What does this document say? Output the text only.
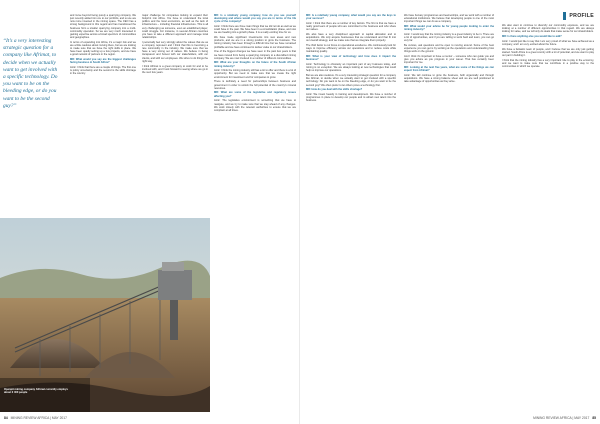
“It’s a very interesting strategic question for a company like Afrimat, to decide when we actually want to get involved with a specific technology. Do you want to be on the bleeding edge, or do you want to be the second guy?”

and move beyond being purely a quarrying company. We just recently added iron ore to our portfolio, and so we are now more invested in the mining space. The CEO has a strong background in this regard and has transitioned the business from a smaller quarrying company into a multi-commodity operation. So we are very much interested in gaining expertise across a broad spectrum of commodities and geographies.

In terms of expanding into Africa, it’s a major risk and we are a little cautious about moving there, but we are looking to make sure that we have the right skills in place. We have been quietly setting up a few projects, and we have a good network of partners in the region.

MR: What would you say are the biggest challenges facing business in South Africa?

Antic: I think that there are a couple of things. The first one is policy uncertainty and the second is the skills shortage in the country.

major challenge for companies looking to expand their footprint into Africa. You have to understand the local politics and the local economics, as well as the lack of infrastructure – including financial infrastructure. This is all very challenging as someone, even an established player, could struggle. For instance, in several African countries you have to take a different approach and manage local relationships.

I personally feel very strongly about the values that we as a company represent and I think that this is becoming a rare commodity in the industry. We make sure that we have a very strong set of values. We believe in being transparent and honest with our stakeholders, with our clients, and with our employees. We strive to do things the right way.

I think Afrimat is a great company to work for and to be involved with, and I look forward to seeing where we go in the next few years.

MR: Is a relatively young company, how do you see yourself developing and where would you say you are in terms of the life cycle of the company?

Antic: I think there are three main things that we did not do as well as we could have in the past. We have been in a consolidation phase, and now we are heading into a growth phase. It is a really exciting time for us.

We have made significant investments into new areas and new products, and we are in a strong position to grow the business. The mining industry has been through a difficult time but we have remained profitable and we have continued to deliver value to our shareholders.

One of the biggest changes we have seen in the past few years is that we have moved from being a quarrying company to a diversified mining company. We are now involved in a number of different commodities.

MR: What are your thoughts on the future of the South African mining industry?

Antic: I think the mining industry still has a lot to offer and there is a lot of opportunity. But we need to make sure that we create the right environment for investment and for companies to grow.

There is definitely a need for partnerships between business and government in order to unlock the full potential of the country’s mineral resources.

MR: What are some of the legislative and regulatory issues affecting you?

Antic: The legislative environment is something that we have to navigate, and we try to make sure that we stay ahead of any changes. We work closely with the relevant authorities to ensure that we are compliant at all times.

Openpit mining company Afrimat currently employs about 2 400 people
84 MINING REVIEW AFRICA | MAY 2017
PROFILE

MR: Is a relatively young company, what would you say are the keys to your success?

Antic: I think that there are a number of key factors. The first is that we have a really good team of people who are committed to the business and who share our values.

We also have a very disciplined approach to capital allocation and to acquisitions. We only acquire businesses that we understand and that fit into our overall strategy, and we make sure that we integrate them properly.

The third factor is our focus on operational excellence. We continuously look for ways to improve efficiency across our operations and to reduce costs while maintaining quality.

MR: What is your view of technology and how does it impact the business?

Antic: Technology is obviously an important part of any business today, and mining is no exception. We are always looking at new technologies that could help us improve our operations.

But we are also cautious. It’s a very interesting strategic question for a company like Afrimat, to decide when we actually want to get involved with a specific technology. Do you want to be on the bleeding edge, or do you want to be the second guy? We often prefer to let others prove a technology first.

MR: How do you deal with the skills shortage?

Antic: We invest heavily in training and development. We have a number of programmes in place to develop our people and to attract new talent into the business.

We have bursary programmes and learnerships, and we work with a number of educational institutions. We believe that developing people is one of the most important things we can do as a company.

MR: What would your advice be for young people looking to enter the mining industry?

Antic: I would say that the mining industry is a great industry to be in. There are a lot of opportunities, and if you are willing to work hard and learn, you can go very far.

Be curious, ask questions and be open to moving around. Some of the best experience you can get is by working at the operations and understanding how things work on the ground.

And I think it’s important to have a mentor – someone who can guide you and give you advice as you progress in your career. That has certainly been important for me.

MR: Looking at the next five years, what are some of the things we can expect from Afrimat?

Antic: We will continue to grow the business, both organically and through acquisitions. We have a strong balance sheet and we are well positioned to take advantage of opportunities as they arise.

We also want to continue to diversify our commodity exposure, and we are looking at a number of different opportunities in that regard. We are always looking for value, and we will only do deals that make sense for our shareholders.

MR: Is there anything else you would like to add?

Antic: I would just like to say that I am very proud of what we have achieved as a company, and I am very excited about the future.

We have a fantastic team of people, and I believe that we are only just getting started. South Africa is a great country with a lot of potential, and we want to play our part in building it.

I think that the mining industry has a very important role to play in the economy, and we want to make sure that we contribute in a positive way to the communities in which we operate.

MINING REVIEW AFRICA | MAY 2017 85
